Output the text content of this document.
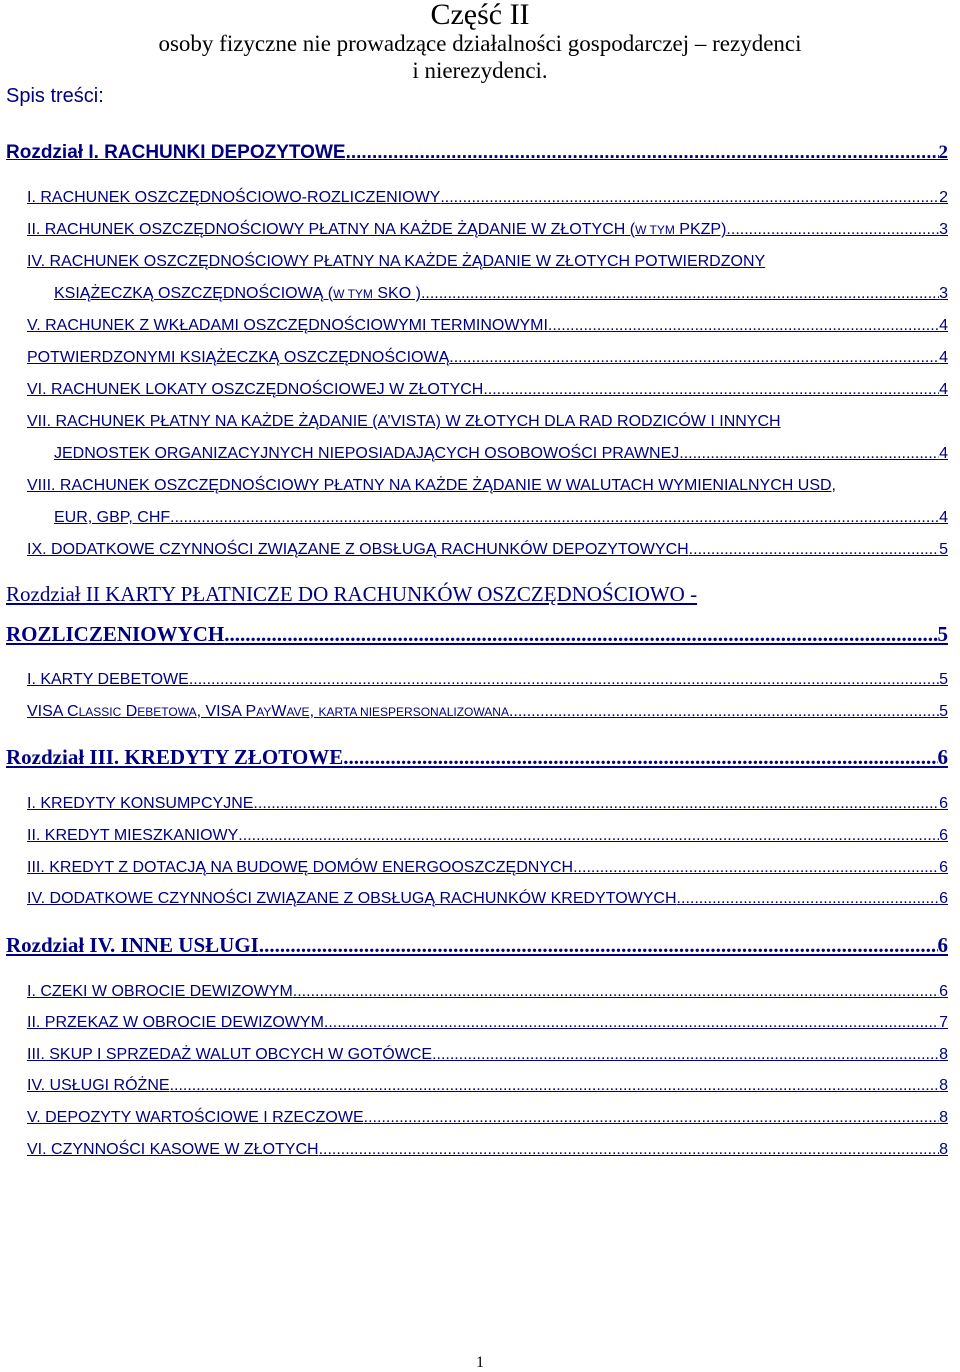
Część II
osoby fizyczne nie prowadzące działalności gospodarczej – rezydenci
i nierezydenci.
Spis treści:
Rozdział I. RACHUNKI DEPOZYTOWE .....	2
I. RACHUNEK OSZCZĘDNOŚCIOWO-ROZLICZENIOWY .....	2
II. RACHUNEK OSZCZĘDNOŚCIOWY PŁATNY NA KAŻDE ŻĄDANIE W ZŁOTYCH (W TYM PKZP) .....	3
IV. RACHUNEK OSZCZĘDNOŚCIOWY PŁATNY NA KAŻDE ŻĄDANIE W ZŁOTYCH POTWIERDZONY
KSIĄŻECZKĄ OSZCZĘDNOŚCIOWĄ (W TYM SKO ) .....	3
V. RACHUNEK Z WKŁADAMI OSZCZĘDNOŚCIOWYMI TERMINOWYMI .....	4
POTWIERDZONYMI KSIĄŻECZKĄ OSZCZĘDNOŚCIOWĄ .....	4
VI. RACHUNEK LOKATY OSZCZĘDNOŚCIOWEJ W ZŁOTYCH .....	4
VII. RACHUNEK PŁATNY NA KAŻDE ŻĄDANIE (A’VISTA) W ZŁOTYCH DLA RAD RODZICÓW I INNYCH
JEDNOSTEK ORGANIZACYJNYCH NIEPOSIADAJĄCYCH OSOBOWOŚCI PRAWNEJ .....	4
VIII. RACHUNEK OSZCZĘDNOŚCIOWY PŁATNY NA KAŻDE ŻĄDANIE W WALUTACH WYMIENIALNYCH USD,
EUR, GBP, CHF .....	4
IX. DODATKOWE CZYNNOŚCI ZWIĄZANE Z OBSŁUGĄ RACHUNKÓW DEPOZYTOWYCH .....	5
Rozdział II KARTY PŁATNICZE DO RACHUNKÓW OSZCZĘDNOŚCIOWO -
ROZLICZENIOWYCH .....	5
I. KARTY DEBETOWE .....	5
VISA CLASSIC DEBETOWA, VISA PAYWAVE, KARTA NIESPERSONALIZOWANA .....	5
Rozdział III. KREDYTY ZŁOTOWE .....	6
I. KREDYTY KONSUMPCYJNE .....	6
II. KREDYT MIESZKANIOWY .....	6
III. KREDYT Z DOTACJĄ NA BUDOWĘ DOMÓW ENERGOOSZCZĘDNYCH .....	6
IV. DODATKOWE CZYNNOŚCI ZWIĄZANE Z OBSŁUGĄ RACHUNKÓW KREDYTOWYCH .....	6
Rozdział IV. INNE USŁUGI .....	6
I. CZEKI W OBROCIE DEWIZOWYM .....	6
II. PRZEKAZ W OBROCIE DEWIZOWYM .....	7
III. SKUP I SPRZEDAŻ WALUT OBCYCH W GOTÓWCE .....	8
IV. USŁUGI RÓŻNE .....	8
V. DEPOZYTY WARTOŚCIOWE I RZECZOWE .....	8
VI. CZYNNOŚCI KASOWE W ZŁOTYCH .....	8
1
